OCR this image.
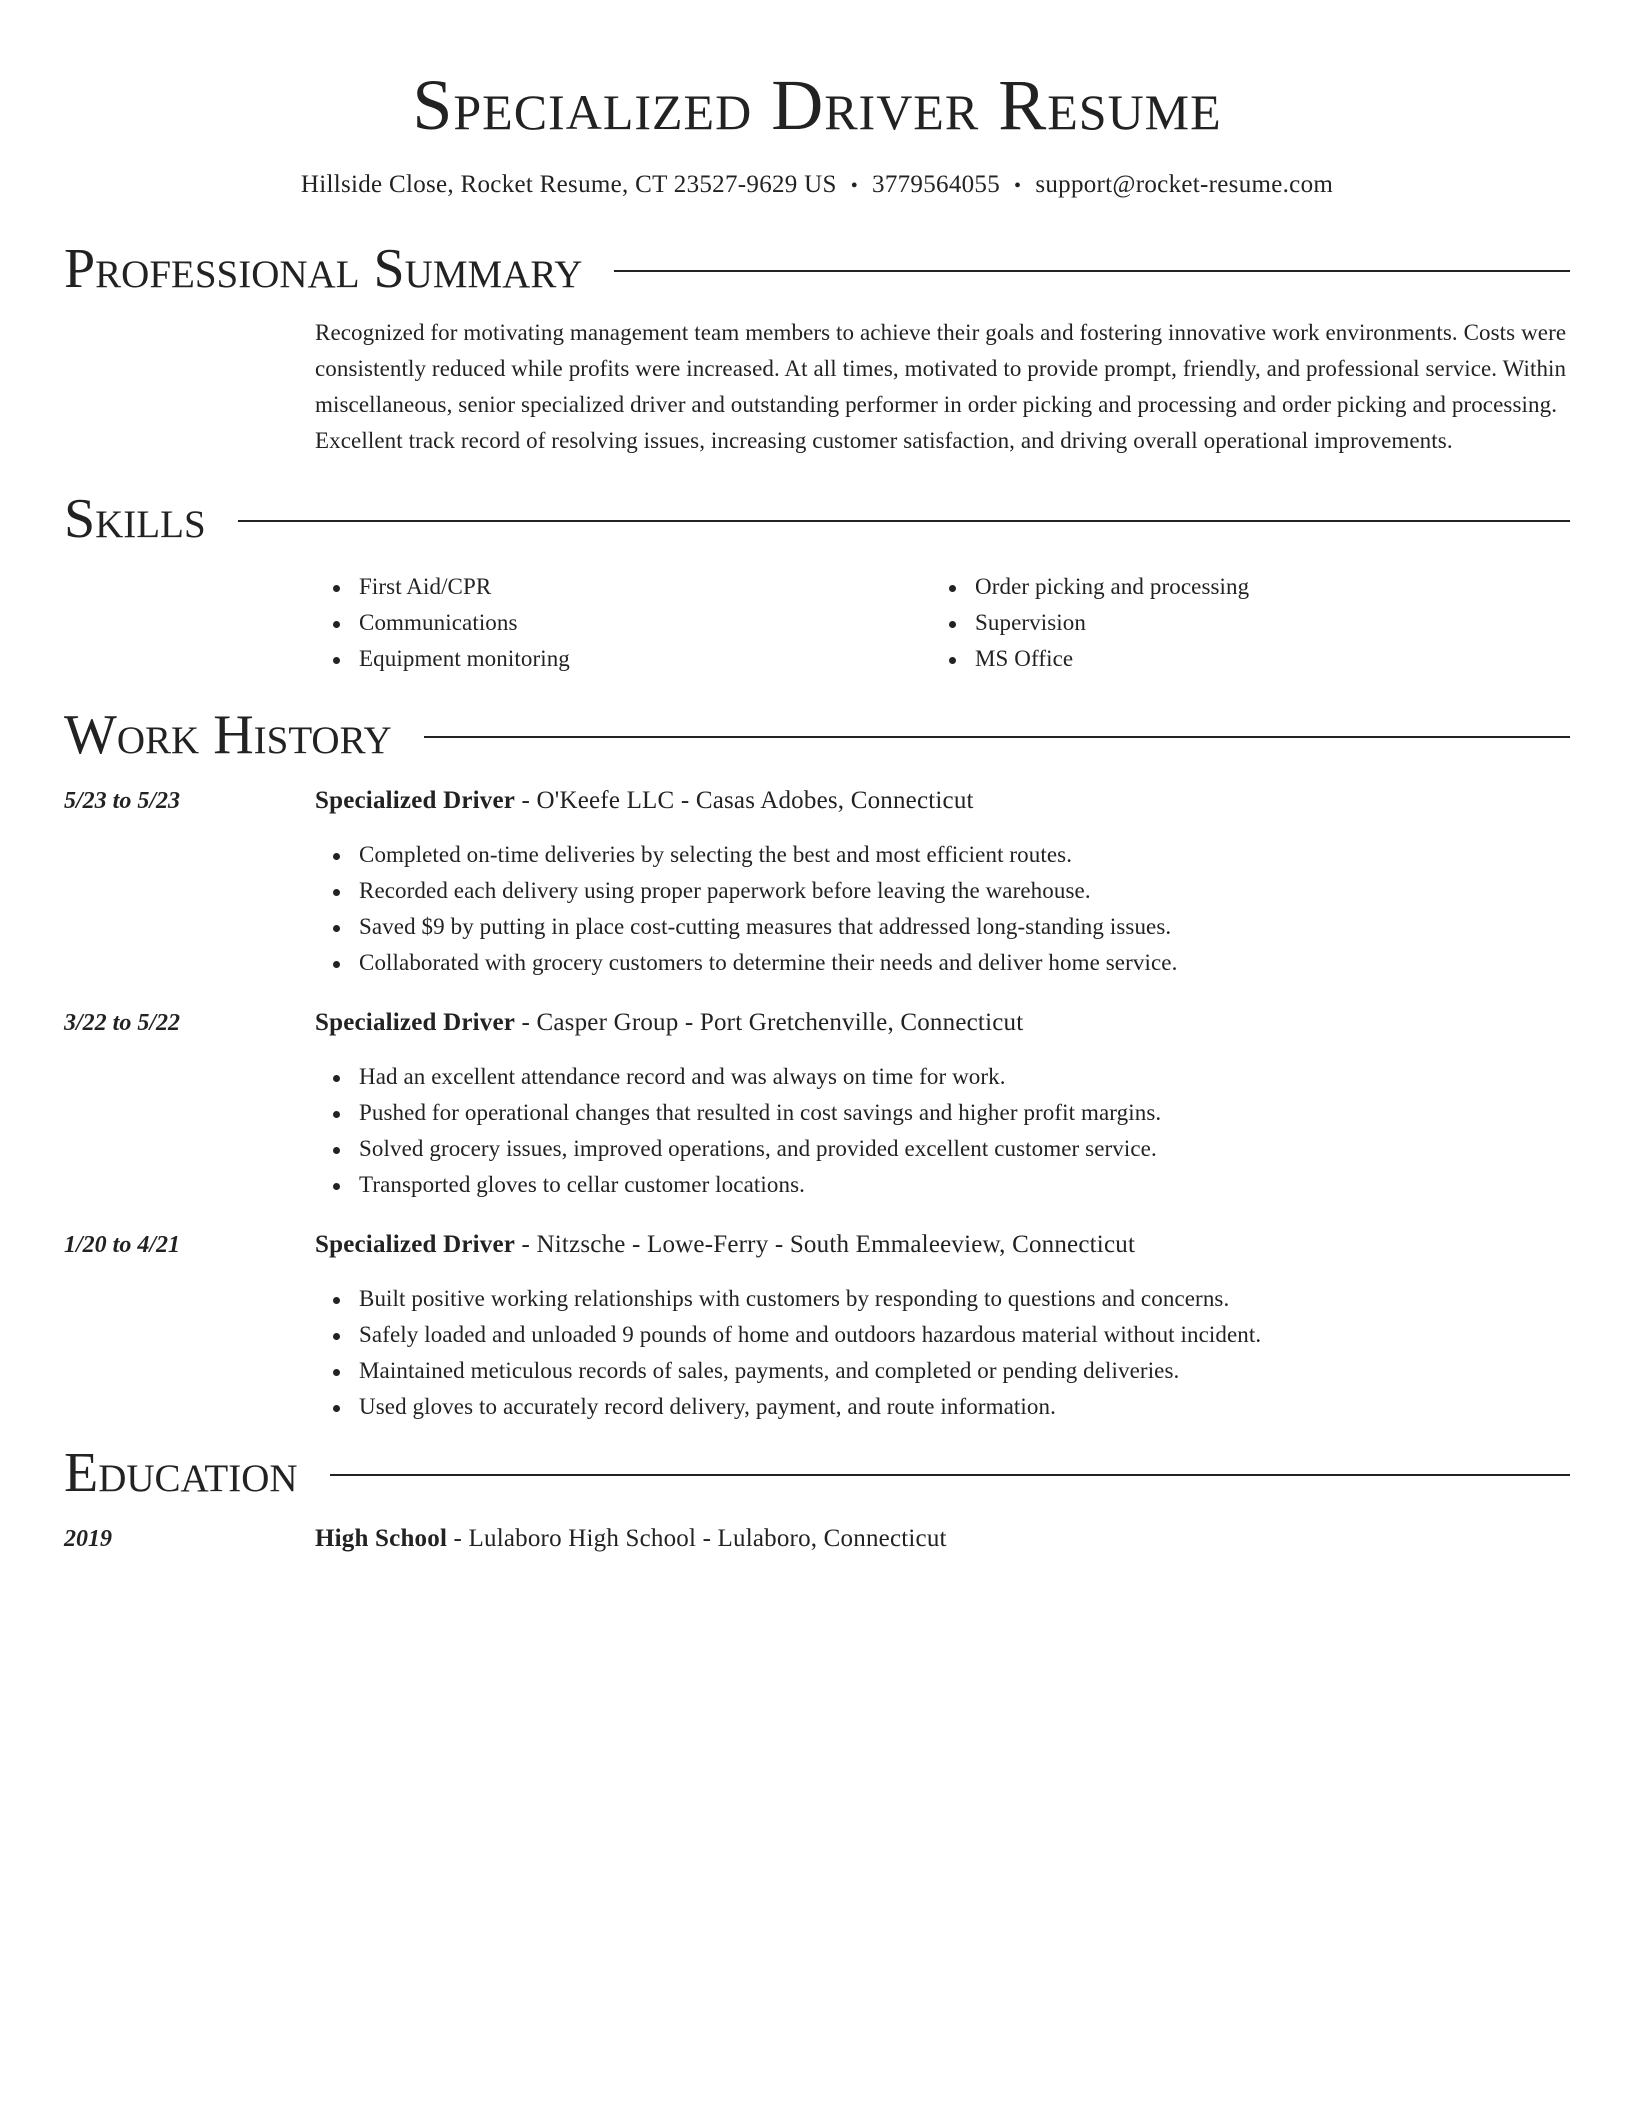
Specialized Driver Resume
Hillside Close, Rocket Resume, CT 23527-9629 US • 3779564055 • support@rocket-resume.com
Professional Summary
Recognized for motivating management team members to achieve their goals and fostering innovative work environments. Costs were consistently reduced while profits were increased. At all times, motivated to provide prompt, friendly, and professional service. Within miscellaneous, senior specialized driver and outstanding performer in order picking and processing and order picking and processing. Excellent track record of resolving issues, increasing customer satisfaction, and driving overall operational improvements.
Skills
First Aid/CPR
Communications
Equipment monitoring
Order picking and processing
Supervision
MS Office
Work History
5/23 to 5/23	Specialized Driver - O'Keefe LLC - Casas Adobes, Connecticut
Completed on-time deliveries by selecting the best and most efficient routes.
Recorded each delivery using proper paperwork before leaving the warehouse.
Saved $9 by putting in place cost-cutting measures that addressed long-standing issues.
Collaborated with grocery customers to determine their needs and deliver home service.
3/22 to 5/22	Specialized Driver - Casper Group - Port Gretchenville, Connecticut
Had an excellent attendance record and was always on time for work.
Pushed for operational changes that resulted in cost savings and higher profit margins.
Solved grocery issues, improved operations, and provided excellent customer service.
Transported gloves to cellar customer locations.
1/20 to 4/21	Specialized Driver - Nitzsche - Lowe-Ferry - South Emmaleeview, Connecticut
Built positive working relationships with customers by responding to questions and concerns.
Safely loaded and unloaded 9 pounds of home and outdoors hazardous material without incident.
Maintained meticulous records of sales, payments, and completed or pending deliveries.
Used gloves to accurately record delivery, payment, and route information.
Education
2019	High School - Lulaboro High School - Lulaboro, Connecticut
